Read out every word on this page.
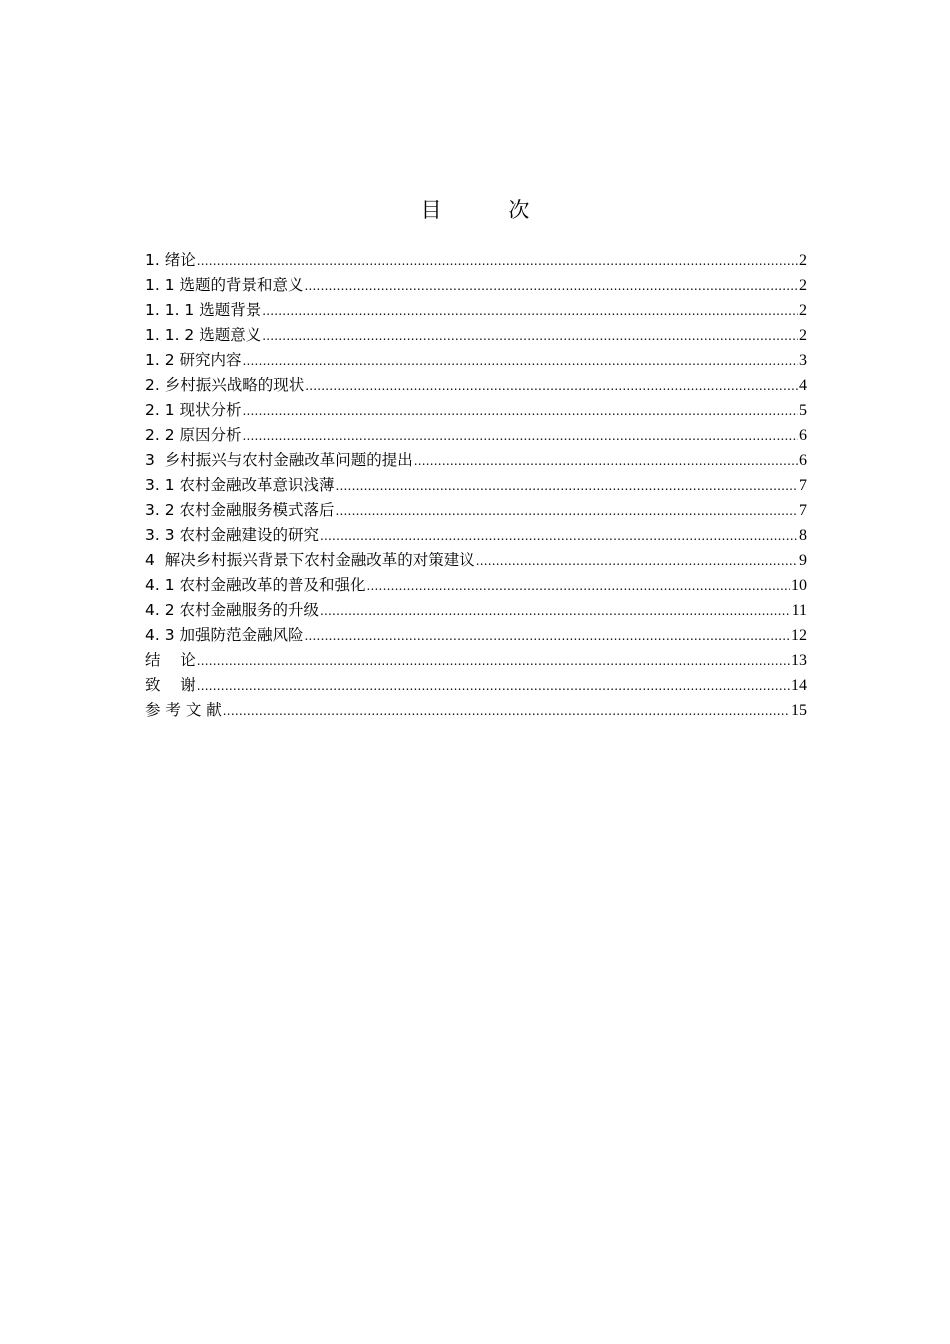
目 次
1. 绪论 .....	2
1. 1 选题的背景和意义 .....	2
1. 1. 1 选题背景 .....	2
1. 1. 2 选题意义 .....	2
1. 2 研究内容 .....	3
2. 乡村振兴战略的现状 .....	4
2. 1 现状分析 .....	5
2. 2 原因分析 .....	6
3  乡村振兴与农村金融改革问题的提出 .....	6
3. 1 农村金融改革意识浅薄 .....	7
3. 2 农村金融服务模式落后 .....	7
3. 3 农村金融建设的研究 .....	8
4  解决乡村振兴背景下农村金融改革的对策建议 .....	9
4. 1 农村金融改革的普及和强化 .....	10
4. 2 农村金融服务的升级 .....	11
4. 3 加强防范金融风险 .....	12
结    论 .....	13
致    谢 .....	14
参 考 文 献 .....	15
